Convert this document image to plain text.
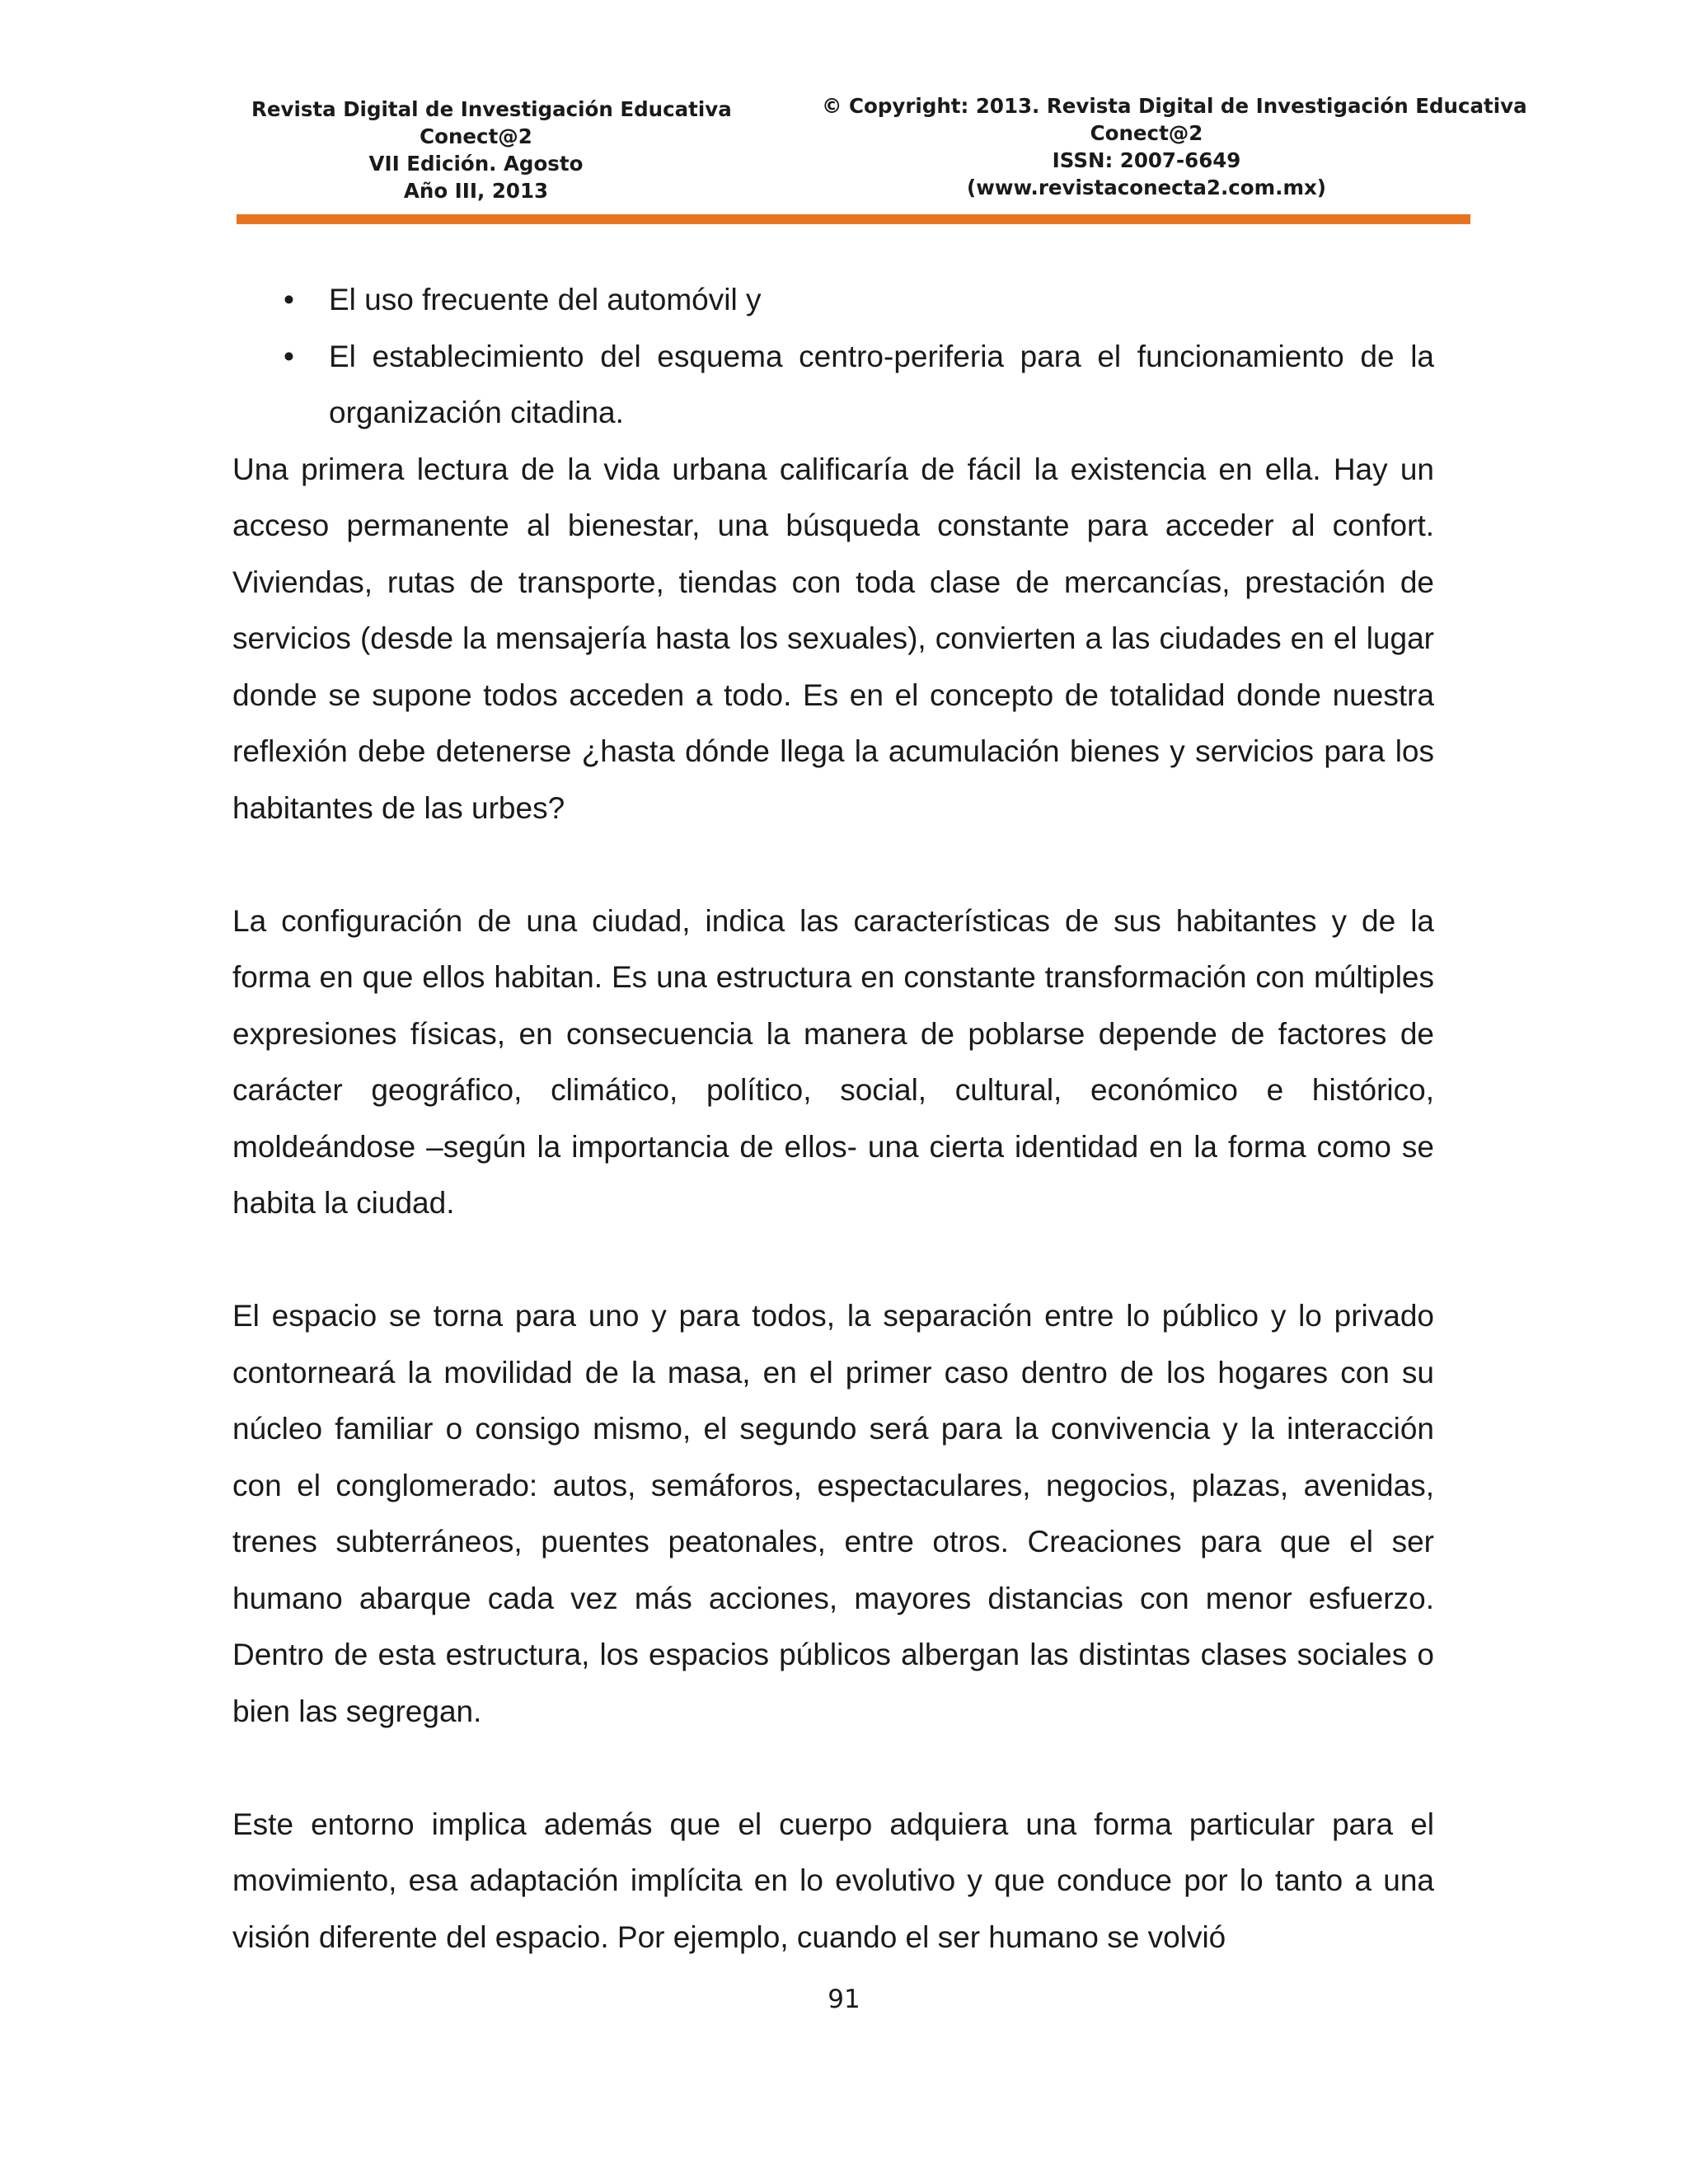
Revista Digital de Investigación Educativa
Conect@2
VII Edición. Agosto
Año III, 2013
© Copyright: 2013. Revista Digital de Investigación Educativa
Conect@2
ISSN: 2007-6649
(www.revistaconecta2.com.mx)
• El uso frecuente del automóvil y
• El establecimiento del esquema centro-periferia para el funcionamiento de la organización citadina.

Una primera lectura de la vida urbana calificaría de fácil la existencia en ella. Hay un acceso permanente al bienestar, una búsqueda constante para acceder al confort. Viviendas, rutas de transporte, tiendas con toda clase de mercancías, prestación de servicios (desde la mensajería hasta los sexuales), convierten a las ciudades en el lugar donde se supone todos acceden a todo. Es en el concepto de totalidad donde nuestra reflexión debe detenerse ¿hasta dónde llega la acumulación bienes y servicios para los habitantes de las urbes?

La configuración de una ciudad, indica las características de sus habitantes y de la forma en que ellos habitan. Es una estructura en constante transformación con múltiples expresiones físicas, en consecuencia la manera de poblarse depende de factores de carácter geográfico, climático, político, social, cultural, económico e histórico, moldeándose –según la importancia de ellos- una cierta identidad en la forma como se habita la ciudad.

El espacio se torna para uno y para todos, la separación entre lo público y lo privado contorneará la movilidad de la masa, en el primer caso dentro de los hogares con su núcleo familiar o consigo mismo, el segundo será para la convivencia y la interacción con el conglomerado: autos, semáforos, espectaculares, negocios, plazas, avenidas, trenes subterráneos, puentes peatonales, entre otros. Creaciones para que el ser humano abarque cada vez más acciones, mayores distancias con menor esfuerzo. Dentro de esta estructura, los espacios públicos albergan las distintas clases sociales o bien las segregan.

Este entorno implica además que el cuerpo adquiera una forma particular para el movimiento, esa adaptación implícita en lo evolutivo y que conduce por lo tanto a una visión diferente del espacio. Por ejemplo, cuando el ser humano se volvió

91
